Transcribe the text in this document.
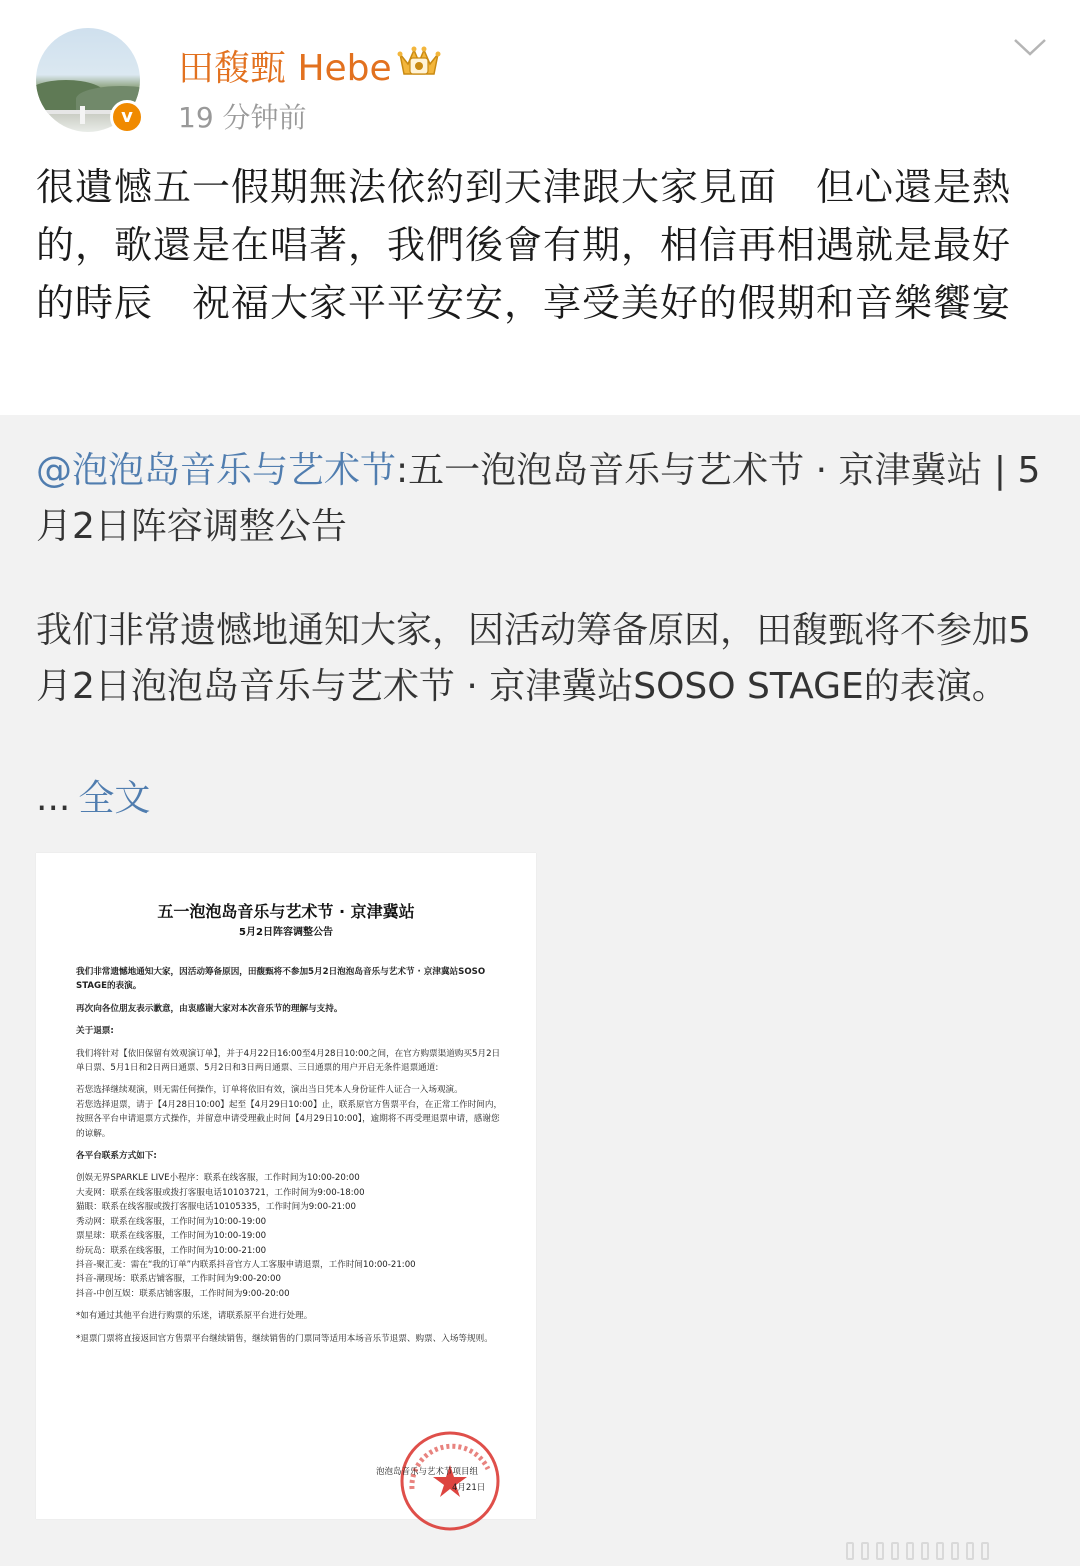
v
田馥甄 Hebe
19 分钟前
很遺憾五一假期無法依約到天津跟大家見面　但心還是熱的，歌還是在唱著，我們後會有期，相信再相遇就是最好的時辰　祝福大家平平安安，享受美好的假期和音樂饗宴
@泡泡岛音乐与艺术节:五一泡泡岛音乐与艺术节 · 京津冀站 | 5月2日阵容调整公告
我们非常遗憾地通知大家，因活动筹备原因，田馥甄将不参加5月2日泡泡岛音乐与艺术节 · 京津冀站SOSO STAGE的表演。
... 全文
五一泡泡岛音乐与艺术节 · 京津冀站
5月2日阵容调整公告

我们非常遗憾地通知大家，因活动筹备原因，田馥甄将不参加5月2日泡泡岛音乐与艺术节 · 京津冀站SOSO STAGE的表演。

再次向各位朋友表示歉意，由衷感谢大家对本次音乐节的理解与支持。

关于退票:

我们将针对【依旧保留有效观演订单】，并于4月22日16:00至4月28日10:00之间，在官方购票渠道购买5月2日单日票、5月1日和2日两日通票、5月2日和3日两日通票、三日通票的用户开启无条件退票通道:

若您选择继续观演，则无需任何操作，订单将依旧有效，演出当日凭本人身份证件人证合一入场观演。

若您选择退票，请于【4月28日10:00】起至【4月29日10:00】止，联系原官方售票平台，在正常工作时间内，按照各平台申请退票方式操作，并留意申请受理截止时间【4月29日10:00】，逾期将不再受理退票申请，感谢您的谅解。

各平台联系方式如下:

创娱无界SPARKLE LIVE小程序：联系在线客服，工作时间为10:00-20:00

大麦网：联系在线客服或拨打客服电话10103721，工作时间为9:00-18:00

猫眼：联系在线客服或拨打客服电话10105335，工作时间为9:00-21:00

秀动网：联系在线客服，工作时间为10:00-19:00

票星球：联系在线客服，工作时间为10:00-19:00

纷玩岛：联系在线客服，工作时间为10:00-21:00

抖音-聚汇麦：需在“我的订单”内联系抖音官方人工客服申请退票，工作时间10:00-21:00

抖音-潮现场：联系店铺客服，工作时间为9:00-20:00

抖音-中创互娱：联系店铺客服，工作时间为9:00-20:00

*如有通过其他平台进行购票的乐迷，请联系原平台进行处理。

*退票门票将直接返回官方售票平台继续销售，继续销售的门票同等适用本场音乐节退票、购票、入场等规则。

泡泡岛音乐与艺术节项目组
4月21日
